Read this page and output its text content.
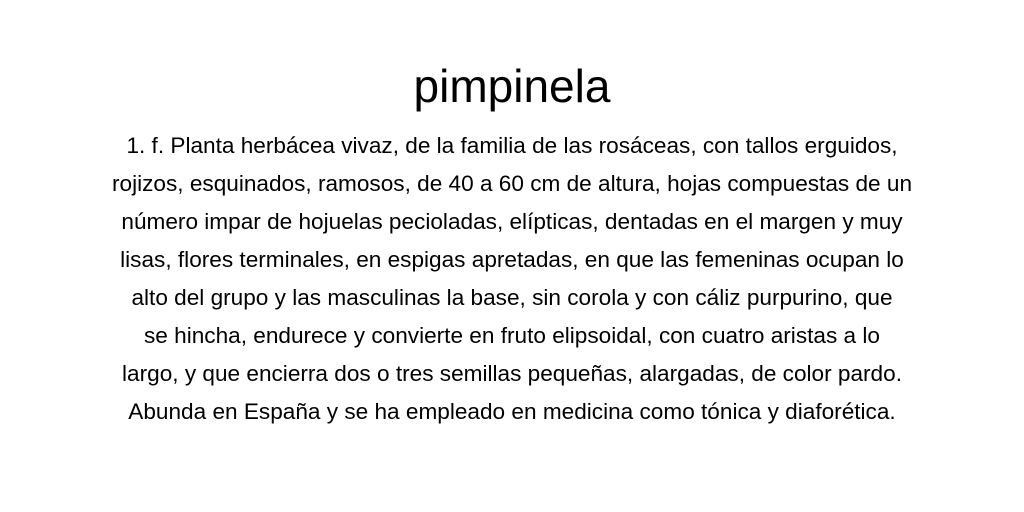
pimpinela

1. f. Planta herbácea vivaz, de la familia de las rosáceas, con tallos erguidos,
rojizos, esquinados, ramosos, de 40 a 60 cm de altura, hojas compuestas de un
número impar de hojuelas pecioladas, elípticas, dentadas en el margen y muy
lisas, flores terminales, en espigas apretadas, en que las femeninas ocupan lo
alto del grupo y las masculinas la base, sin corola y con cáliz purpurino, que
se hincha, endurece y convierte en fruto elipsoidal, con cuatro aristas a lo
largo, y que encierra dos o tres semillas pequeñas, alargadas, de color pardo.
Abunda en España y se ha empleado en medicina como tónica y diaforética.
